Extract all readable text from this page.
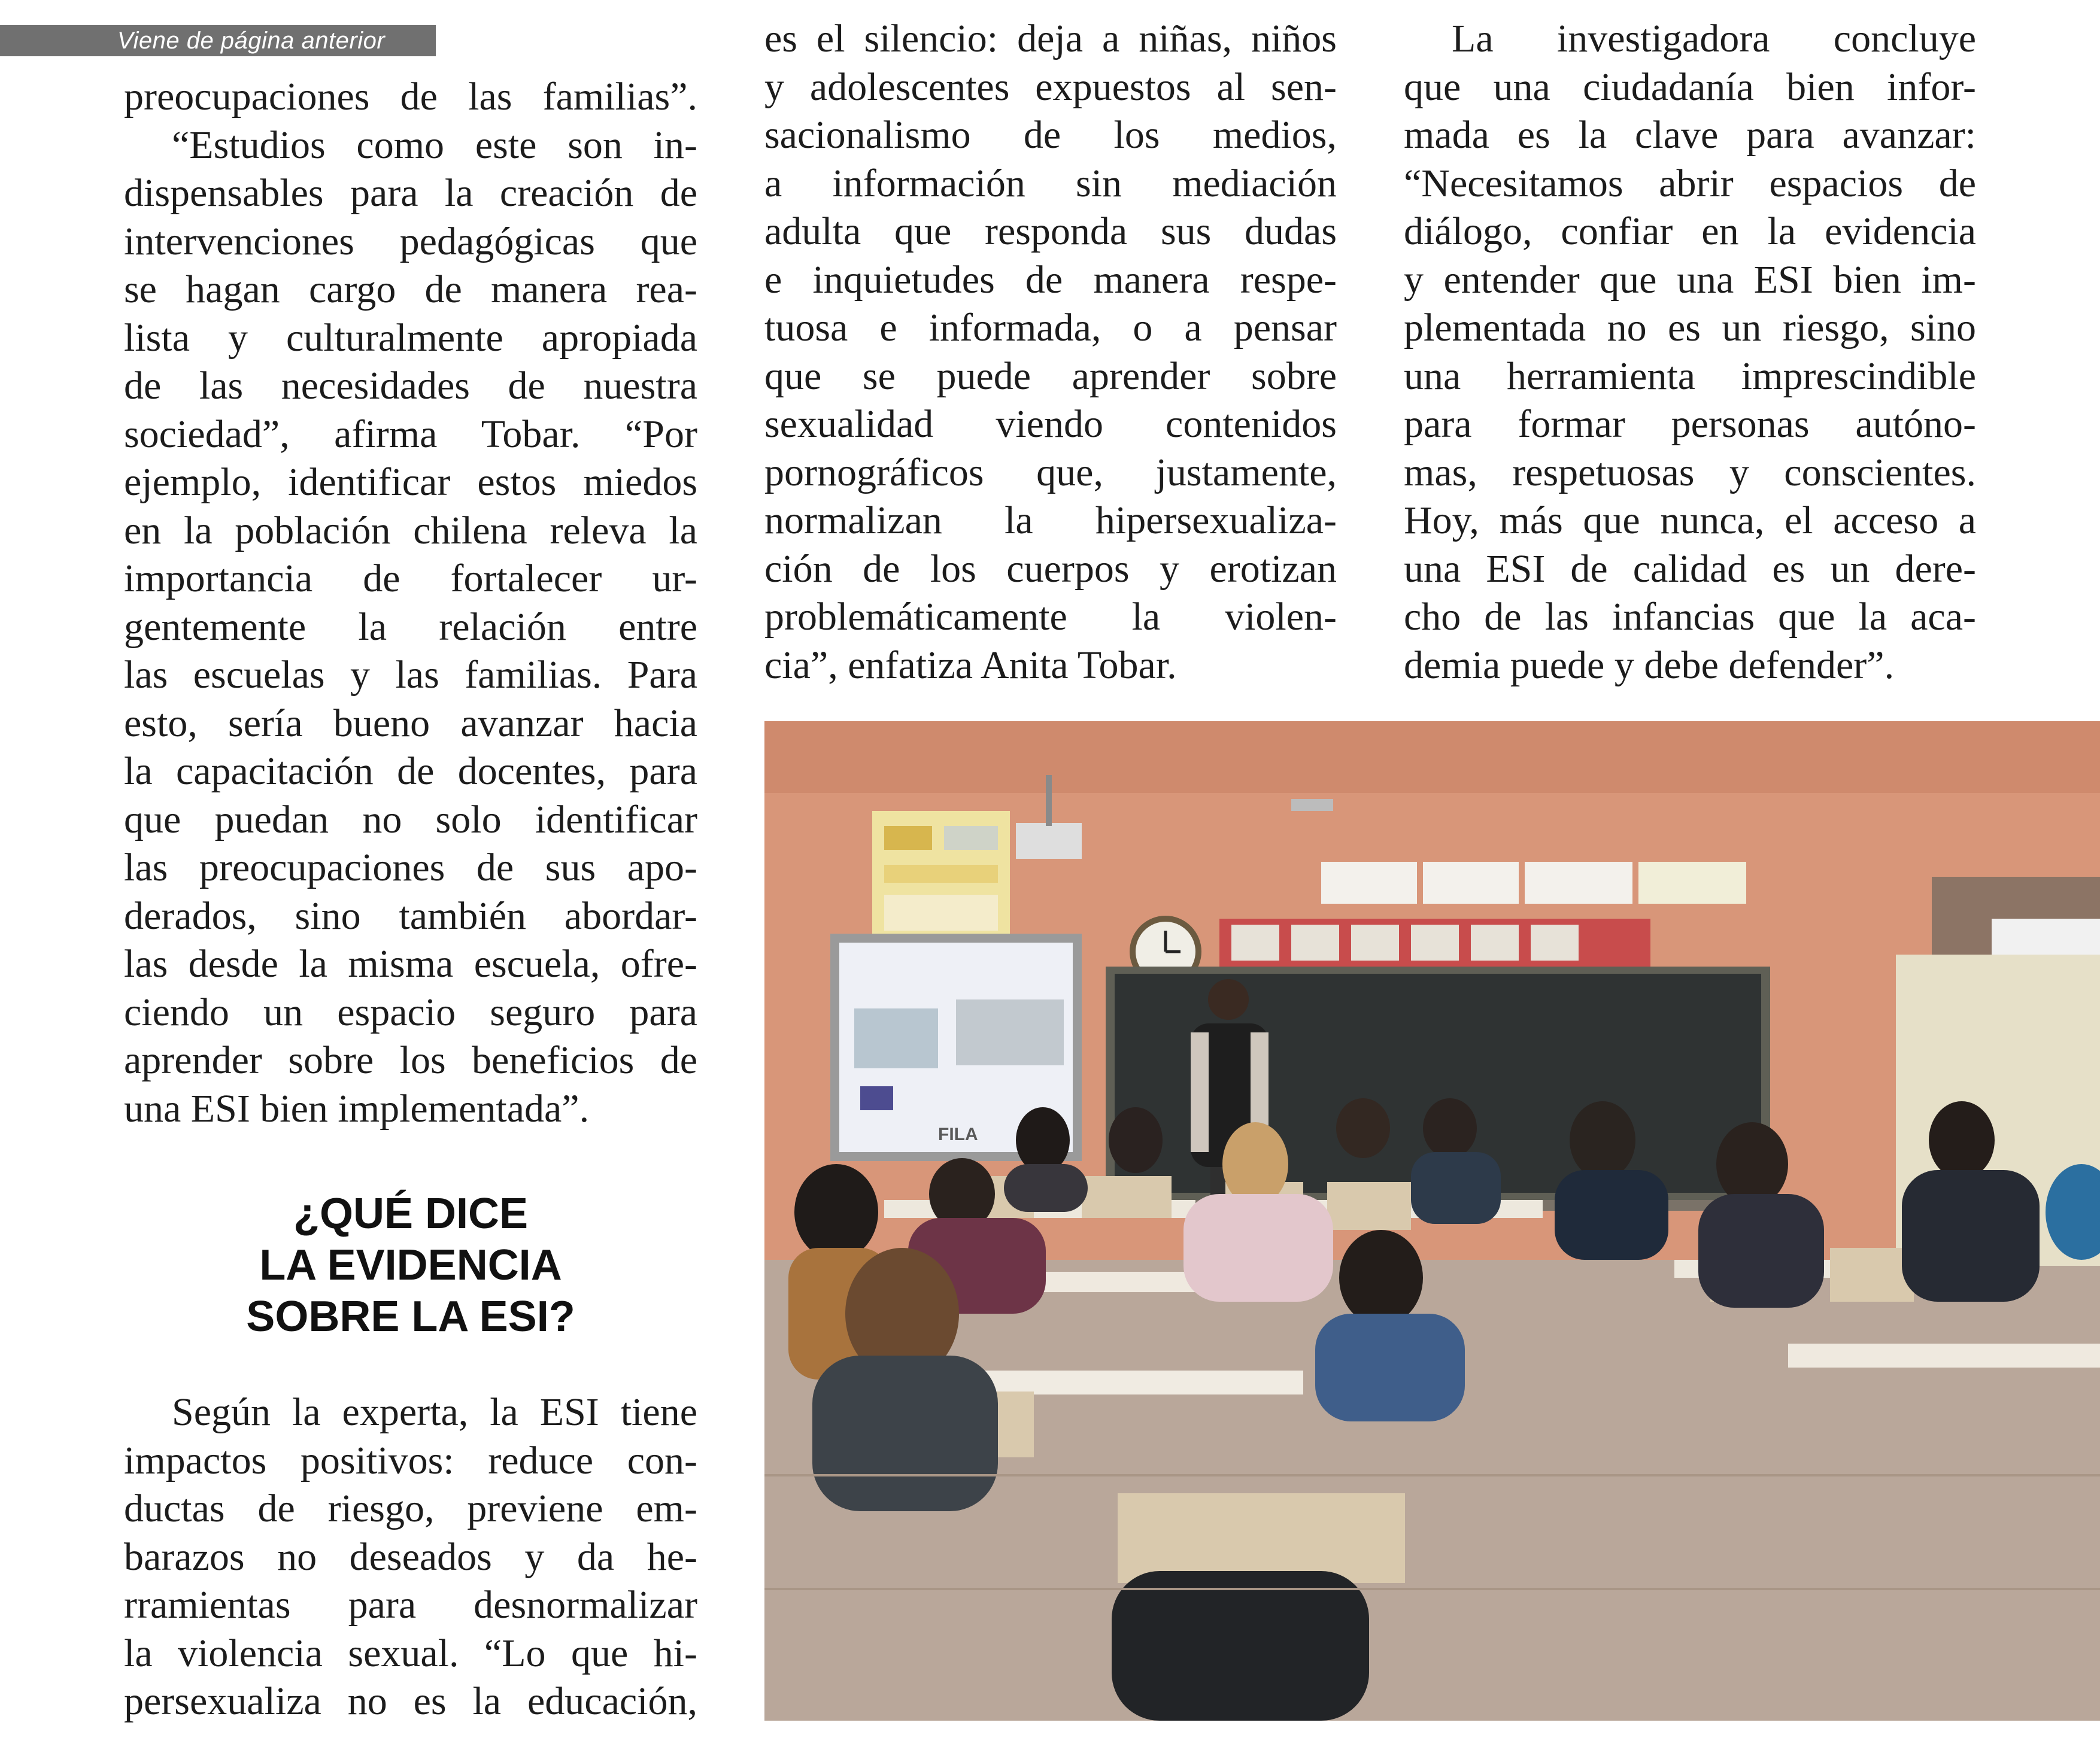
Viene de página anterior
preocupaciones de las familias”.
“Estudios como este son in-
dispensables para la creación de
intervenciones pedagógicas que
se hagan cargo de manera rea-
lista y culturalmente apropiada
de las necesidades de nuestra
sociedad”, afirma Tobar. “Por
ejemplo, identificar estos miedos
en la población chilena releva la
importancia de fortalecer ur-
gentemente la relación entre
las escuelas y las familias. Para
esto, sería bueno avanzar hacia
la capacitación de docentes, para
que puedan no solo identificar
las preocupaciones de sus apo-
derados, sino también abordar-
las desde la misma escuela, ofre-
ciendo un espacio seguro para
aprender sobre los beneficios de
una ESI bien implementada”.
¿QUÉ DICE
LA EVIDENCIA
SOBRE LA ESI?
Según la experta, la ESI tiene
impactos positivos: reduce con-
ductas de riesgo, previene em-
barazos no deseados y da he-
rramientas para desnormalizar
la violencia sexual. “Lo que hi-
persexualiza no es la educación,
es el silencio: deja a niñas, niños
y adolescentes expuestos al sen-
sacionalismo de los medios,
a información sin mediación
adulta que responda sus dudas
e inquietudes de manera respe-
tuosa e informada, o a pensar
que se puede aprender sobre
sexualidad viendo contenidos
pornográficos que, justamente,
normalizan la hipersexualiza-
ción de los cuerpos y erotizan
problemáticamente la violen-
cia”, enfatiza Anita Tobar.
La investigadora concluye
que una ciudadanía bien infor-
mada es la clave para avanzar:
“Necesitamos abrir espacios de
diálogo, confiar en la evidencia
y entender que una ESI bien im-
plementada no es un riesgo, sino
una herramienta imprescindible
para formar personas autóno-
mas, respetuosas y conscientes.
Hoy, más que nunca, el acceso a
una ESI de calidad es un dere-
cho de las infancias que la aca-
demia puede y debe defender”.
FILA
